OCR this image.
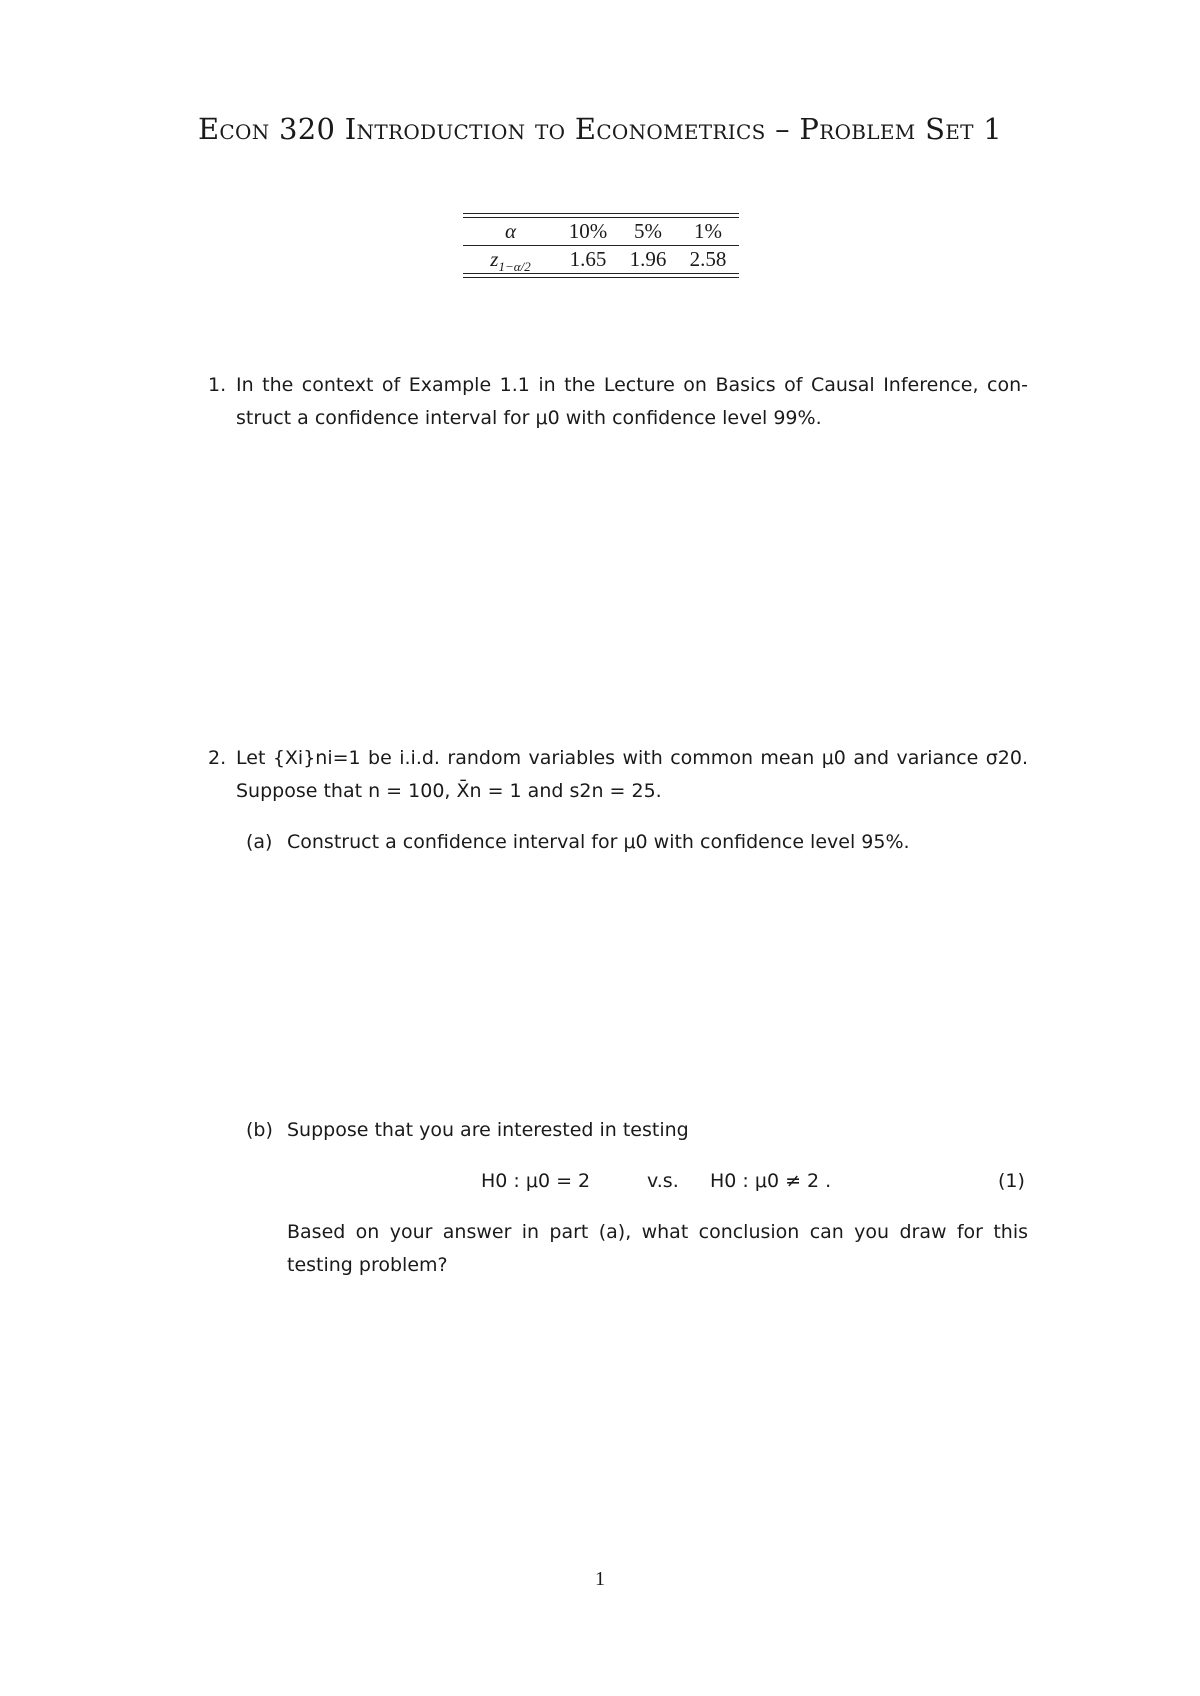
Econ 320 Introduction to Econometrics – Problem Set 1
α	10%	5%	1%
$z_{1-\alpha/2}$	1.65	1.96	2.58
1. In the context of Example 1.1 in the Lecture on Basics of Causal Inference, con-
struct a confidence interval for μ0 with confidence level 99%.
2. Let {Xi}ni=1 be i.i.d. random variables with common mean μ0 and variance σ20.
Suppose that n = 100, X̄n = 1 and s2n = 25.
(a) Construct a confidence interval for μ0 with confidence level 95%.
(b) Suppose that you are interested in testing
H0 : μ0 = 2	v.s. H0 : μ0 ≠ 2 .	(1)
Based on your answer in part (a), what conclusion can you draw for this
testing problem?
1
